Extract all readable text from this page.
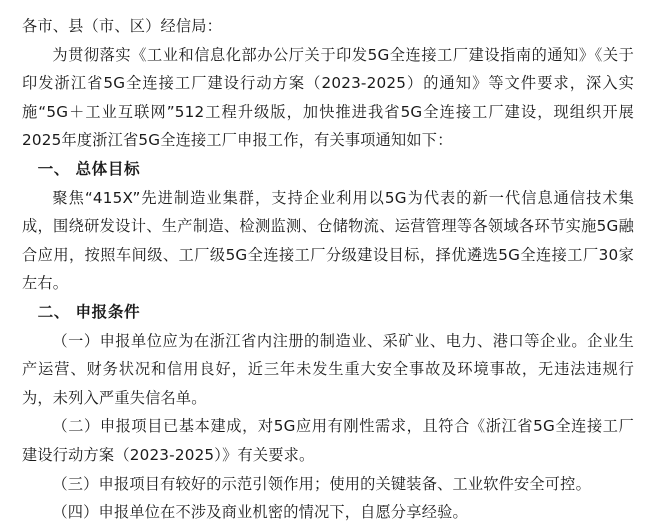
各市、县（市、区）经信局：

为贯彻落实《工业和信息化部办公厅关于印发5G全连接工厂建设指南的通知》《关于印发浙江省5G全连接工厂建设行动方案（2023-2025）的通知》等文件要求，深入实施“5G＋工业互联网”512工程升级版，加快推进我省5G全连接工厂建设，现组织开展2025年度浙江省5G全连接工厂申报工作，有关事项通知如下：

一、 总体目标

聚焦“415X”先进制造业集群，支持企业利用以5G为代表的新一代信息通信技术集成，围绕研发设计、生产制造、检测监测、仓储物流、运营管理等各领域各环节实施5G融合应用，按照车间级、工厂级5G全连接工厂分级建设目标，择优遴选5G全连接工厂30家左右。

二、 申报条件

（一）申报单位应为在浙江省内注册的制造业、采矿业、电力、港口等企业。企业生产运营、财务状况和信用良好，近三年未发生重大安全事故及环境事故，无违法违规行为，未列入严重失信名单。

（二）申报项目已基本建成，对5G应用有刚性需求，且符合《浙江省5G全连接工厂建设行动方案（2023-2025）》有关要求。

（三）申报项目有较好的示范引领作用；使用的关键装备、工业软件安全可控。

（四）申报单位在不涉及商业机密的情况下，自愿分享经验。
